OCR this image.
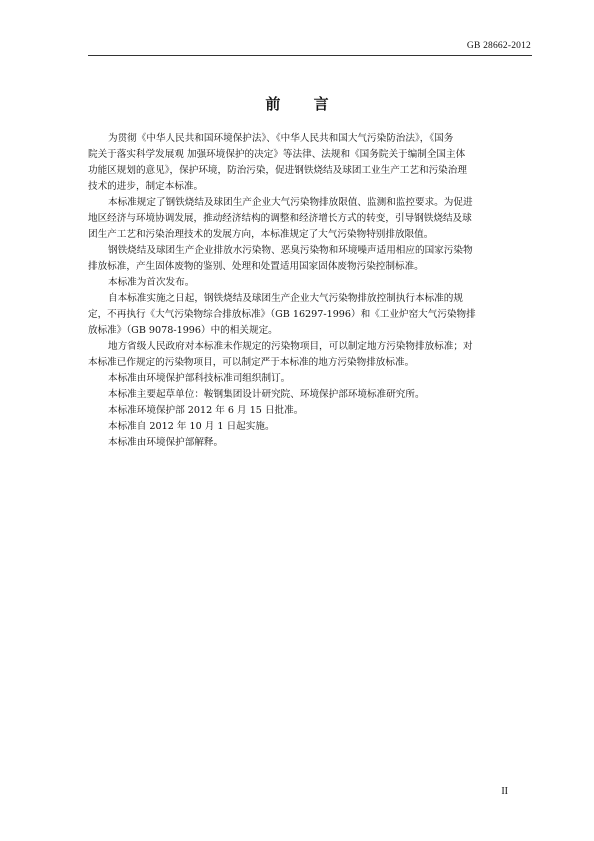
GB 28662-2012
前 言

为贯彻《中华人民共和国环境保护法》、《中华人民共和国大气污染防治法》，《国务
院关于落实科学发展观 加强环境保护的决定》等法律、法规和《国务院关于编制全国主体
功能区规划的意见》，保护环境，防治污染，促进钢铁烧结及球团工业生产工艺和污染治理
技术的进步，制定本标准。

本标准规定了钢铁烧结及球团生产企业大气污染物排放限值、监测和监控要求。为促进
地区经济与环境协调发展，推动经济结构的调整和经济增长方式的转变，引导钢铁烧结及球
团生产工艺和污染治理技术的发展方向，本标准规定了大气污染物特别排放限值。

钢铁烧结及球团生产企业排放水污染物、恶臭污染物和环境噪声适用相应的国家污染物
排放标准，产生固体废物的鉴别、处理和处置适用国家固体废物污染控制标准。

本标准为首次发布。

自本标准实施之日起，钢铁烧结及球团生产企业大气污染物排放控制执行本标准的规
定，不再执行《大气污染物综合排放标准》（GB 16297-1996）和《工业炉窑大气污染物排
放标准》（GB 9078-1996）中的相关规定。

地方省级人民政府对本标准未作规定的污染物项目，可以制定地方污染物排放标准；对
本标准已作规定的污染物项目，可以制定严于本标准的地方污染物排放标准。

本标准由环境保护部科技标准司组织制订。

本标准主要起草单位：鞍钢集团设计研究院、环境保护部环境标准研究所。

本标准环境保护部 2012 年 6 月 15 日批准。

本标准自 2012 年 10 月 1 日起实施。

本标准由环境保护部解释。

II
